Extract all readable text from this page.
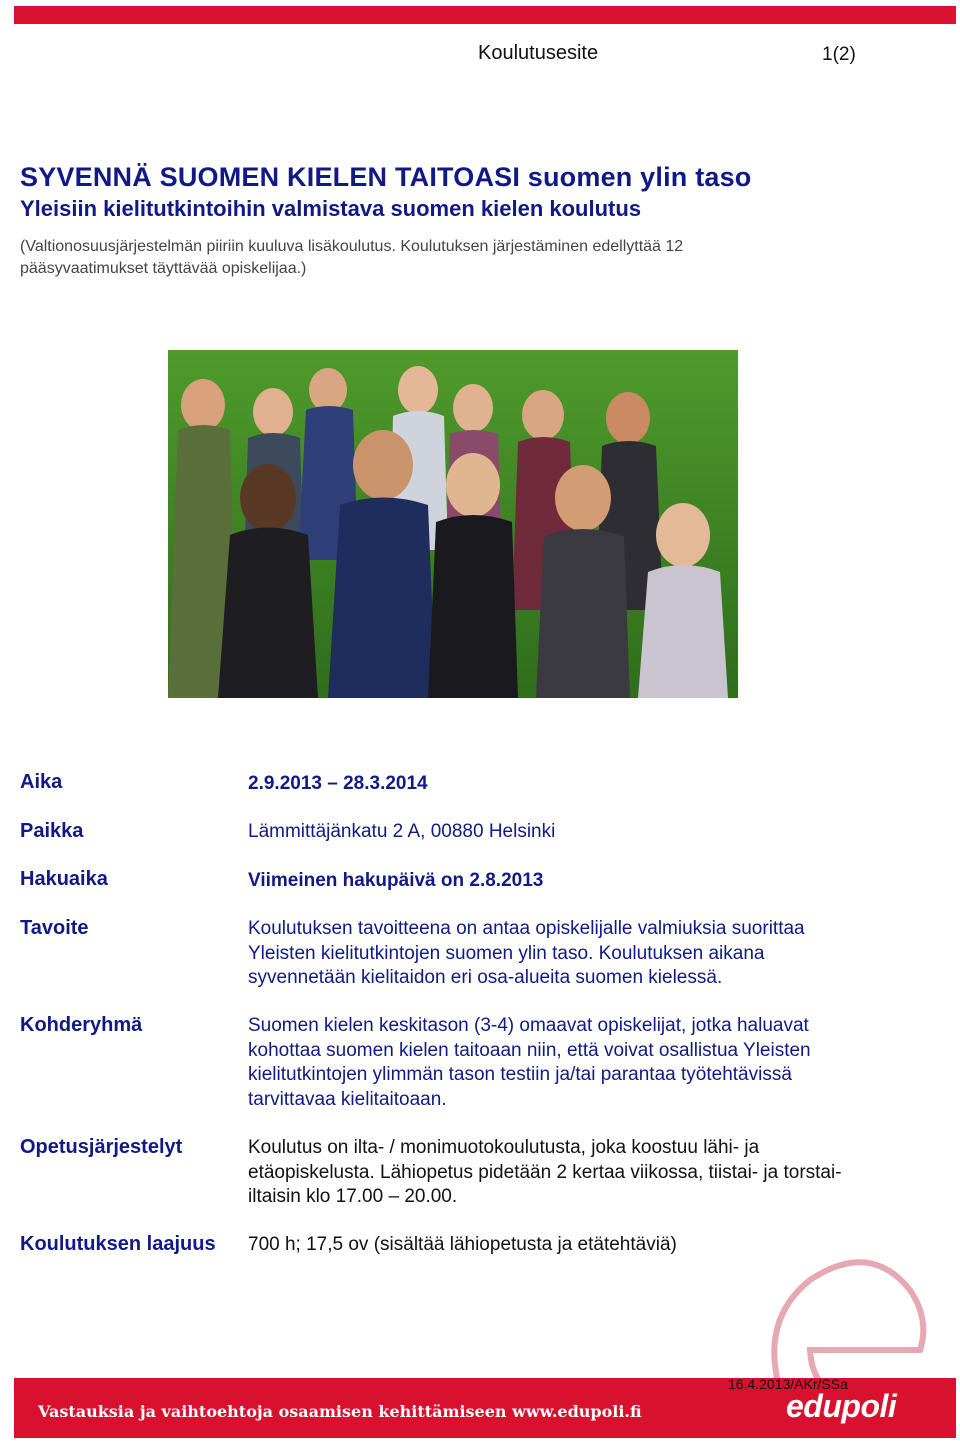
Koulutusesite	1(2)
SYVENNÄ SUOMEN KIELEN TAITOASI suomen ylin taso
Yleisiin kielitutkintoihin valmistava suomen kielen koulutus
(Valtionosuusjärjestelmän piiriin kuuluva lisäkoulutus. Koulutuksen järjestäminen edellyttää 12
pääsyvaatimukset täyttävää opiskelijaa.)
Aika	2.9.2013 – 28.3.2014
Paikka	Lämmittäjänkatu 2 A, 00880 Helsinki
Hakuaika	Viimeinen hakupäivä on 2.8.2013
Tavoite	Koulutuksen tavoitteena on antaa opiskelijalle valmiuksia suorittaa Yleisten kielitutkintojen suomen ylin taso. Koulutuksen aikana syvennetään kielitaidon eri osa-alueita suomen kielessä.
Kohderyhmä	Suomen kielen keskitason (3-4) omaavat opiskelijat, jotka haluavat kohottaa suomen kielen taitoaan niin, että voivat osallistua Yleisten kielitutkintojen ylimmän tason testiin ja/tai parantaa työtehtävissä tarvittavaa kielitaitoaan.
Opetusjärjestelyt	Koulutus on ilta- / monimuotokoulutusta, joka koostuu lähi- ja etäopiskelusta. Lähiopetus pidetään 2 kertaa viikossa, tiistai- ja torstai-iltaisin klo 17.00 – 20.00.
Koulutuksen laajuus 700 h; 17,5 ov (sisältää lähiopetusta ja etätehtäviä)
Vastauksia ja vaihtoehtoja osaamisen kehittämiseen www.edupoli.fi
16.4.2013/AKr/SSa
edupoli
